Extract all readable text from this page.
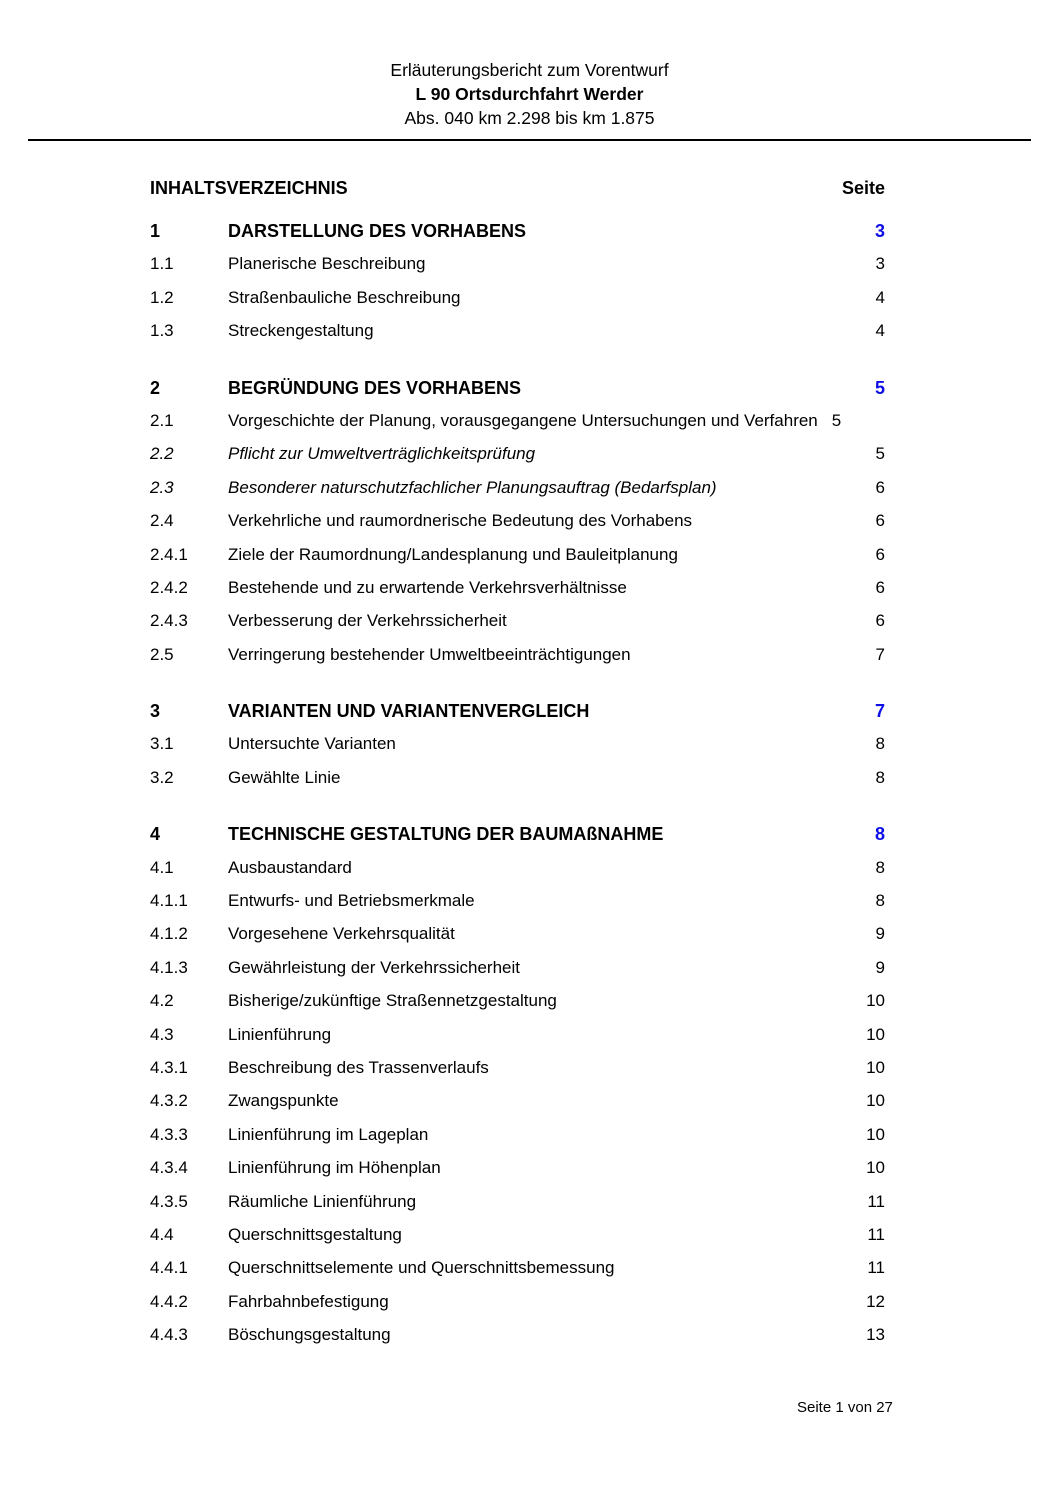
Erläuterungsbericht zum Vorentwurf
L 90 Ortsdurchfahrt Werder
Abs. 040 km 2.298 bis km 1.875
INHALTSVERZEICHNIS	Seite
1	DARSTELLUNG DES VORHABENS	3
1.1	Planerische Beschreibung	3
1.2	Straßenbauliche Beschreibung	4
1.3	Streckengestaltung	4
2	BEGRÜNDUNG DES VORHABENS	5
2.1	Vorgeschichte der Planung, vorausgegangene Untersuchungen und Verfahren 5
2.2	Pflicht zur Umweltverträglichkeitsprüfung	5
2.3	Besonderer naturschutzfachlicher Planungsauftrag (Bedarfsplan)	6
2.4	Verkehrliche und raumordnerische Bedeutung des Vorhabens	6
2.4.1	Ziele der Raumordnung/Landesplanung und Bauleitplanung	6
2.4.2	Bestehende und zu erwartende Verkehrsverhältnisse	6
2.4.3	Verbesserung der Verkehrssicherheit	6
2.5	Verringerung bestehender Umweltbeeinträchtigungen	7
3	VARIANTEN UND VARIANTENVERGLEICH	7
3.1	Untersuchte Varianten	8
3.2	Gewählte Linie	8
4	TECHNISCHE GESTALTUNG DER BAUMAßNAHME	8
4.1	Ausbaustandard	8
4.1.1	Entwurfs- und Betriebsmerkmale	8
4.1.2	Vorgesehene Verkehrsqualität	9
4.1.3	Gewährleistung der Verkehrssicherheit	9
4.2	Bisherige/zukünftige Straßennetzgestaltung	10
4.3	Linienführung	10
4.3.1	Beschreibung des Trassenverlaufs	10
4.3.2	Zwangspunkte	10
4.3.3	Linienführung im Lageplan	10
4.3.4	Linienführung im Höhenplan	10
4.3.5	Räumliche Linienführung	11
4.4	Querschnittsgestaltung	11
4.4.1	Querschnittselemente und Querschnittsbemessung	11
4.4.2	Fahrbahnbefestigung	12
4.4.3	Böschungsgestaltung	13
Seite 1 von 27
